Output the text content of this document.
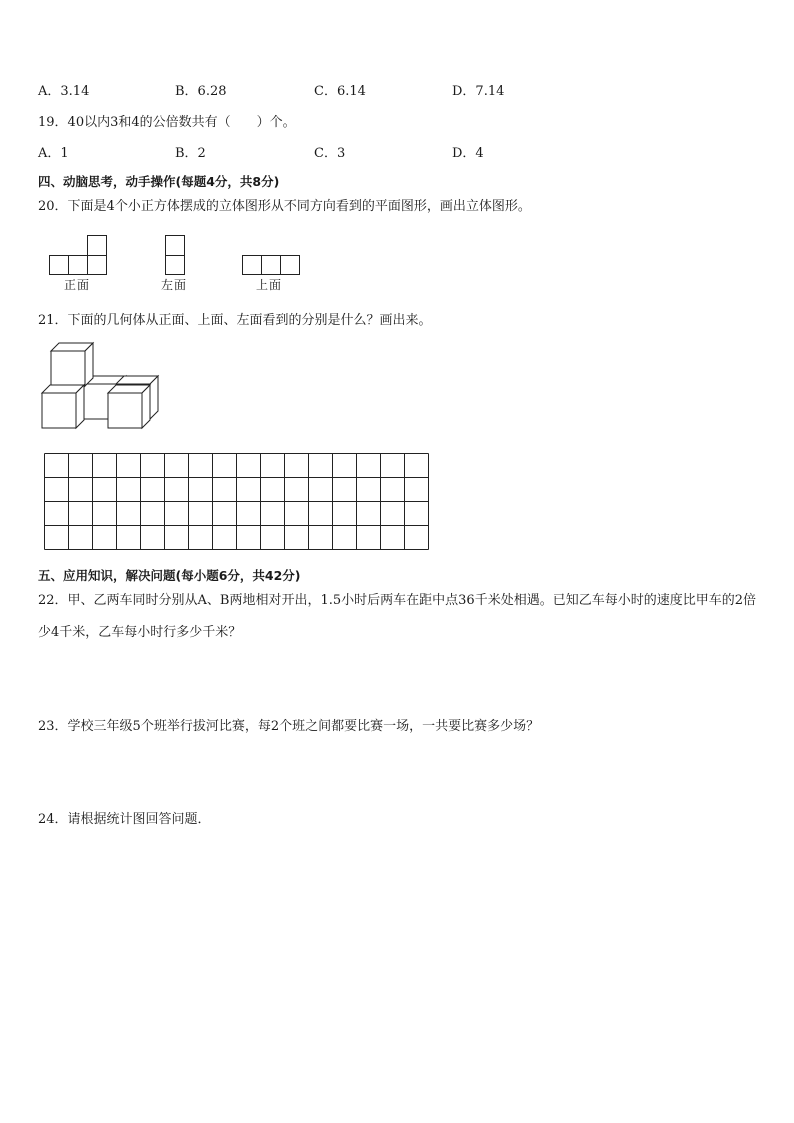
A．3.14	B．6.28	C．6.14	D．7.14
19．40以内3和4的公倍数共有（　　）个。
A．1	B．2	C．3	D．4
四、动脑思考，动手操作(每题4分，共8分)
20．下面是4个小正方体摆成的立体图形从不同方向看到的平面图形，画出立体图形。
正面	左面	上面
21．下面的几何体从正面、上面、左面看到的分别是什么？画出来。
五、应用知识，解决问题(每小题6分，共42分)
22．甲、乙两车同时分别从A、B两地相对开出，1.5小时后两车在距中点36千米处相遇。已知乙车每小时的速度比甲车的2倍少4千米，乙车每小时行多少千米？
23．学校三年级5个班举行拔河比赛，每2个班之间都要比赛一场，一共要比赛多少场？
24．请根据统计图回答问题．
